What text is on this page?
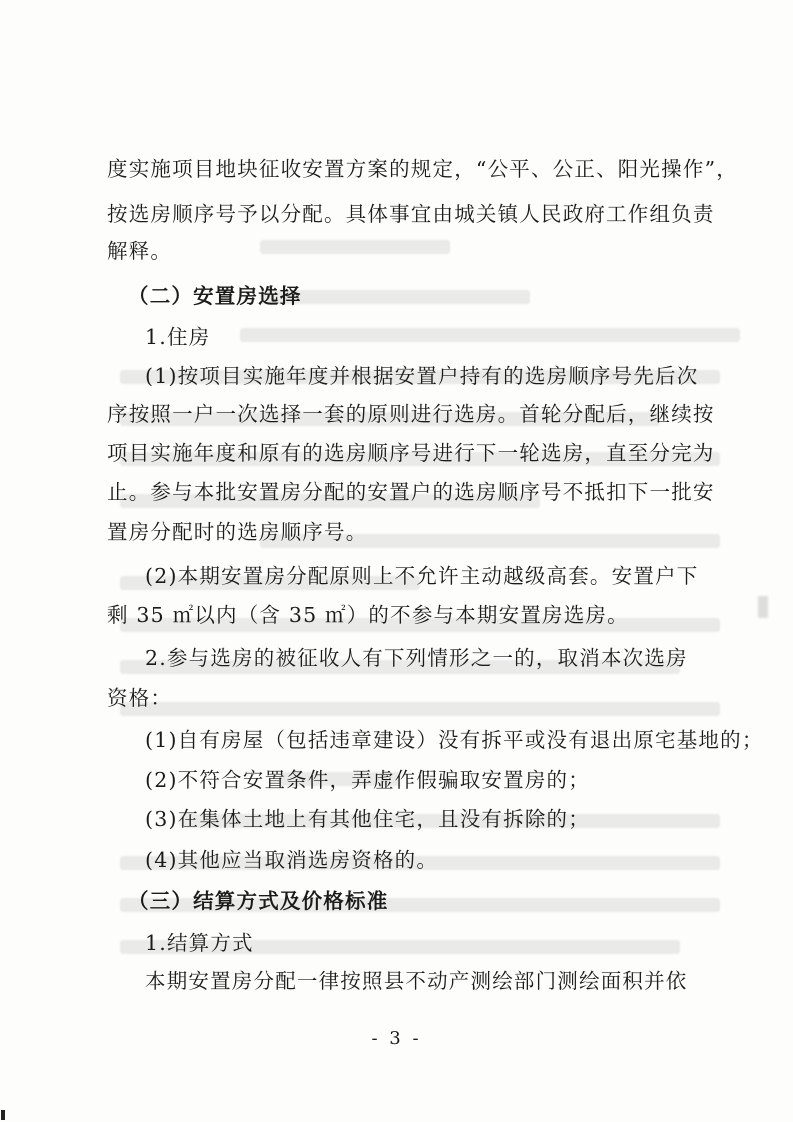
度实施项目地块征收安置方案的规定，“公平、公正、阳光操作”，
按选房顺序号予以分配。具体事宜由城关镇人民政府工作组负责
解释。
（二）安置房选择
1.住房
(1)按项目实施年度并根据安置户持有的选房顺序号先后次
序按照一户一次选择一套的原则进行选房。首轮分配后，继续按
项目实施年度和原有的选房顺序号进行下一轮选房，直至分完为
止。参与本批安置房分配的安置户的选房顺序号不抵扣下一批安
置房分配时的选房顺序号。
(2)本期安置房分配原则上不允许主动越级高套。安置户下
剩 35 ㎡以内（含 35 ㎡）的不参与本期安置房选房。
2.参与选房的被征收人有下列情形之一的，取消本次选房
资格：
(1)自有房屋（包括违章建设）没有拆平或没有退出原宅基地的；
(2)不符合安置条件，弄虚作假骗取安置房的；
(3)在集体土地上有其他住宅，且没有拆除的；
(4)其他应当取消选房资格的。
（三）结算方式及价格标准
1.结算方式
本期安置房分配一律按照县不动产测绘部门测绘面积并依
- 3 -
